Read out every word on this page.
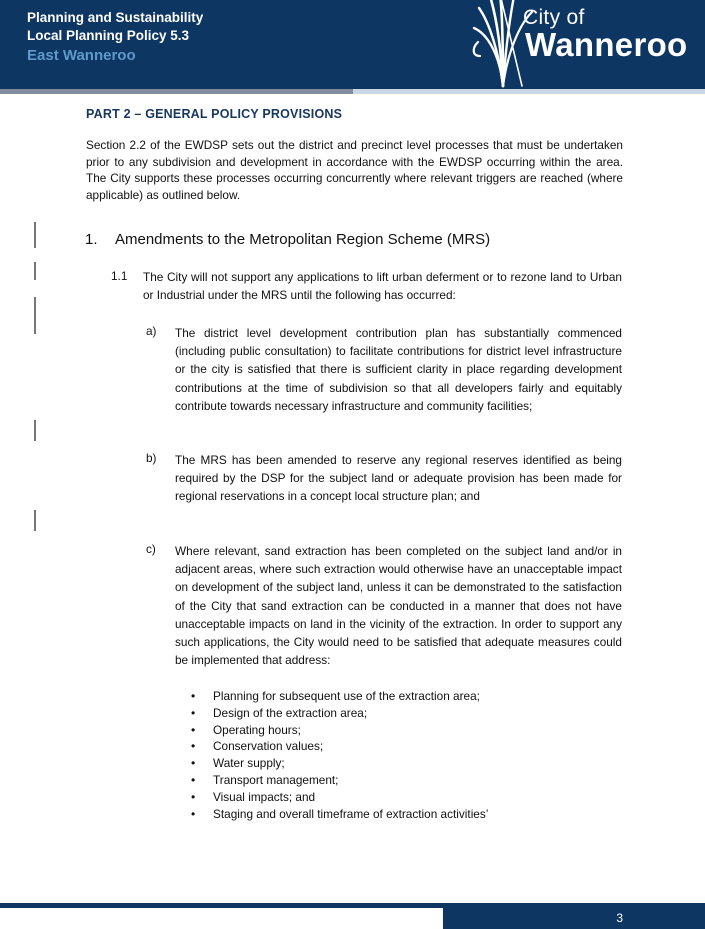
Planning and Sustainability
Local Planning Policy 5.3
East Wanneroo
City of
Wanneroo
PART 2 – GENERAL POLICY PROVISIONS
Section 2.2 of the EWDSP sets out the district and precinct level processes that must be undertaken prior to any subdivision and development in accordance with the EWDSP occurring within the area. The City supports these processes occurring concurrently where relevant triggers are reached (where applicable) as outlined below.
1. Amendments to the Metropolitan Region Scheme (MRS)
1.1 The City will not support any applications to lift urban deferment or to rezone land to Urban or Industrial under the MRS until the following has occurred:
a) The district level development contribution plan has substantially commenced (including public consultation) to facilitate contributions for district level infrastructure or the city is satisfied that there is sufficient clarity in place regarding development contributions at the time of subdivision so that all developers fairly and equitably contribute towards necessary infrastructure and community facilities;
b) The MRS has been amended to reserve any regional reserves identified as being required by the DSP for the subject land or adequate provision has been made for regional reservations in a concept local structure plan; and
c) Where relevant, sand extraction has been completed on the subject land and/or in adjacent areas, where such extraction would otherwise have an unacceptable impact on development of the subject land, unless it can be demonstrated to the satisfaction of the City that sand extraction can be conducted in a manner that does not have unacceptable impacts on land in the vicinity of the extraction. In order to support any such applications, the City would need to be satisfied that adequate measures could be implemented that address:
• Planning for subsequent use of the extraction area;
• Design of the extraction area;
• Operating hours;
• Conservation values;
• Water supply;
• Transport management;
• Visual impacts; and
• Staging and overall timeframe of extraction activities’
3
